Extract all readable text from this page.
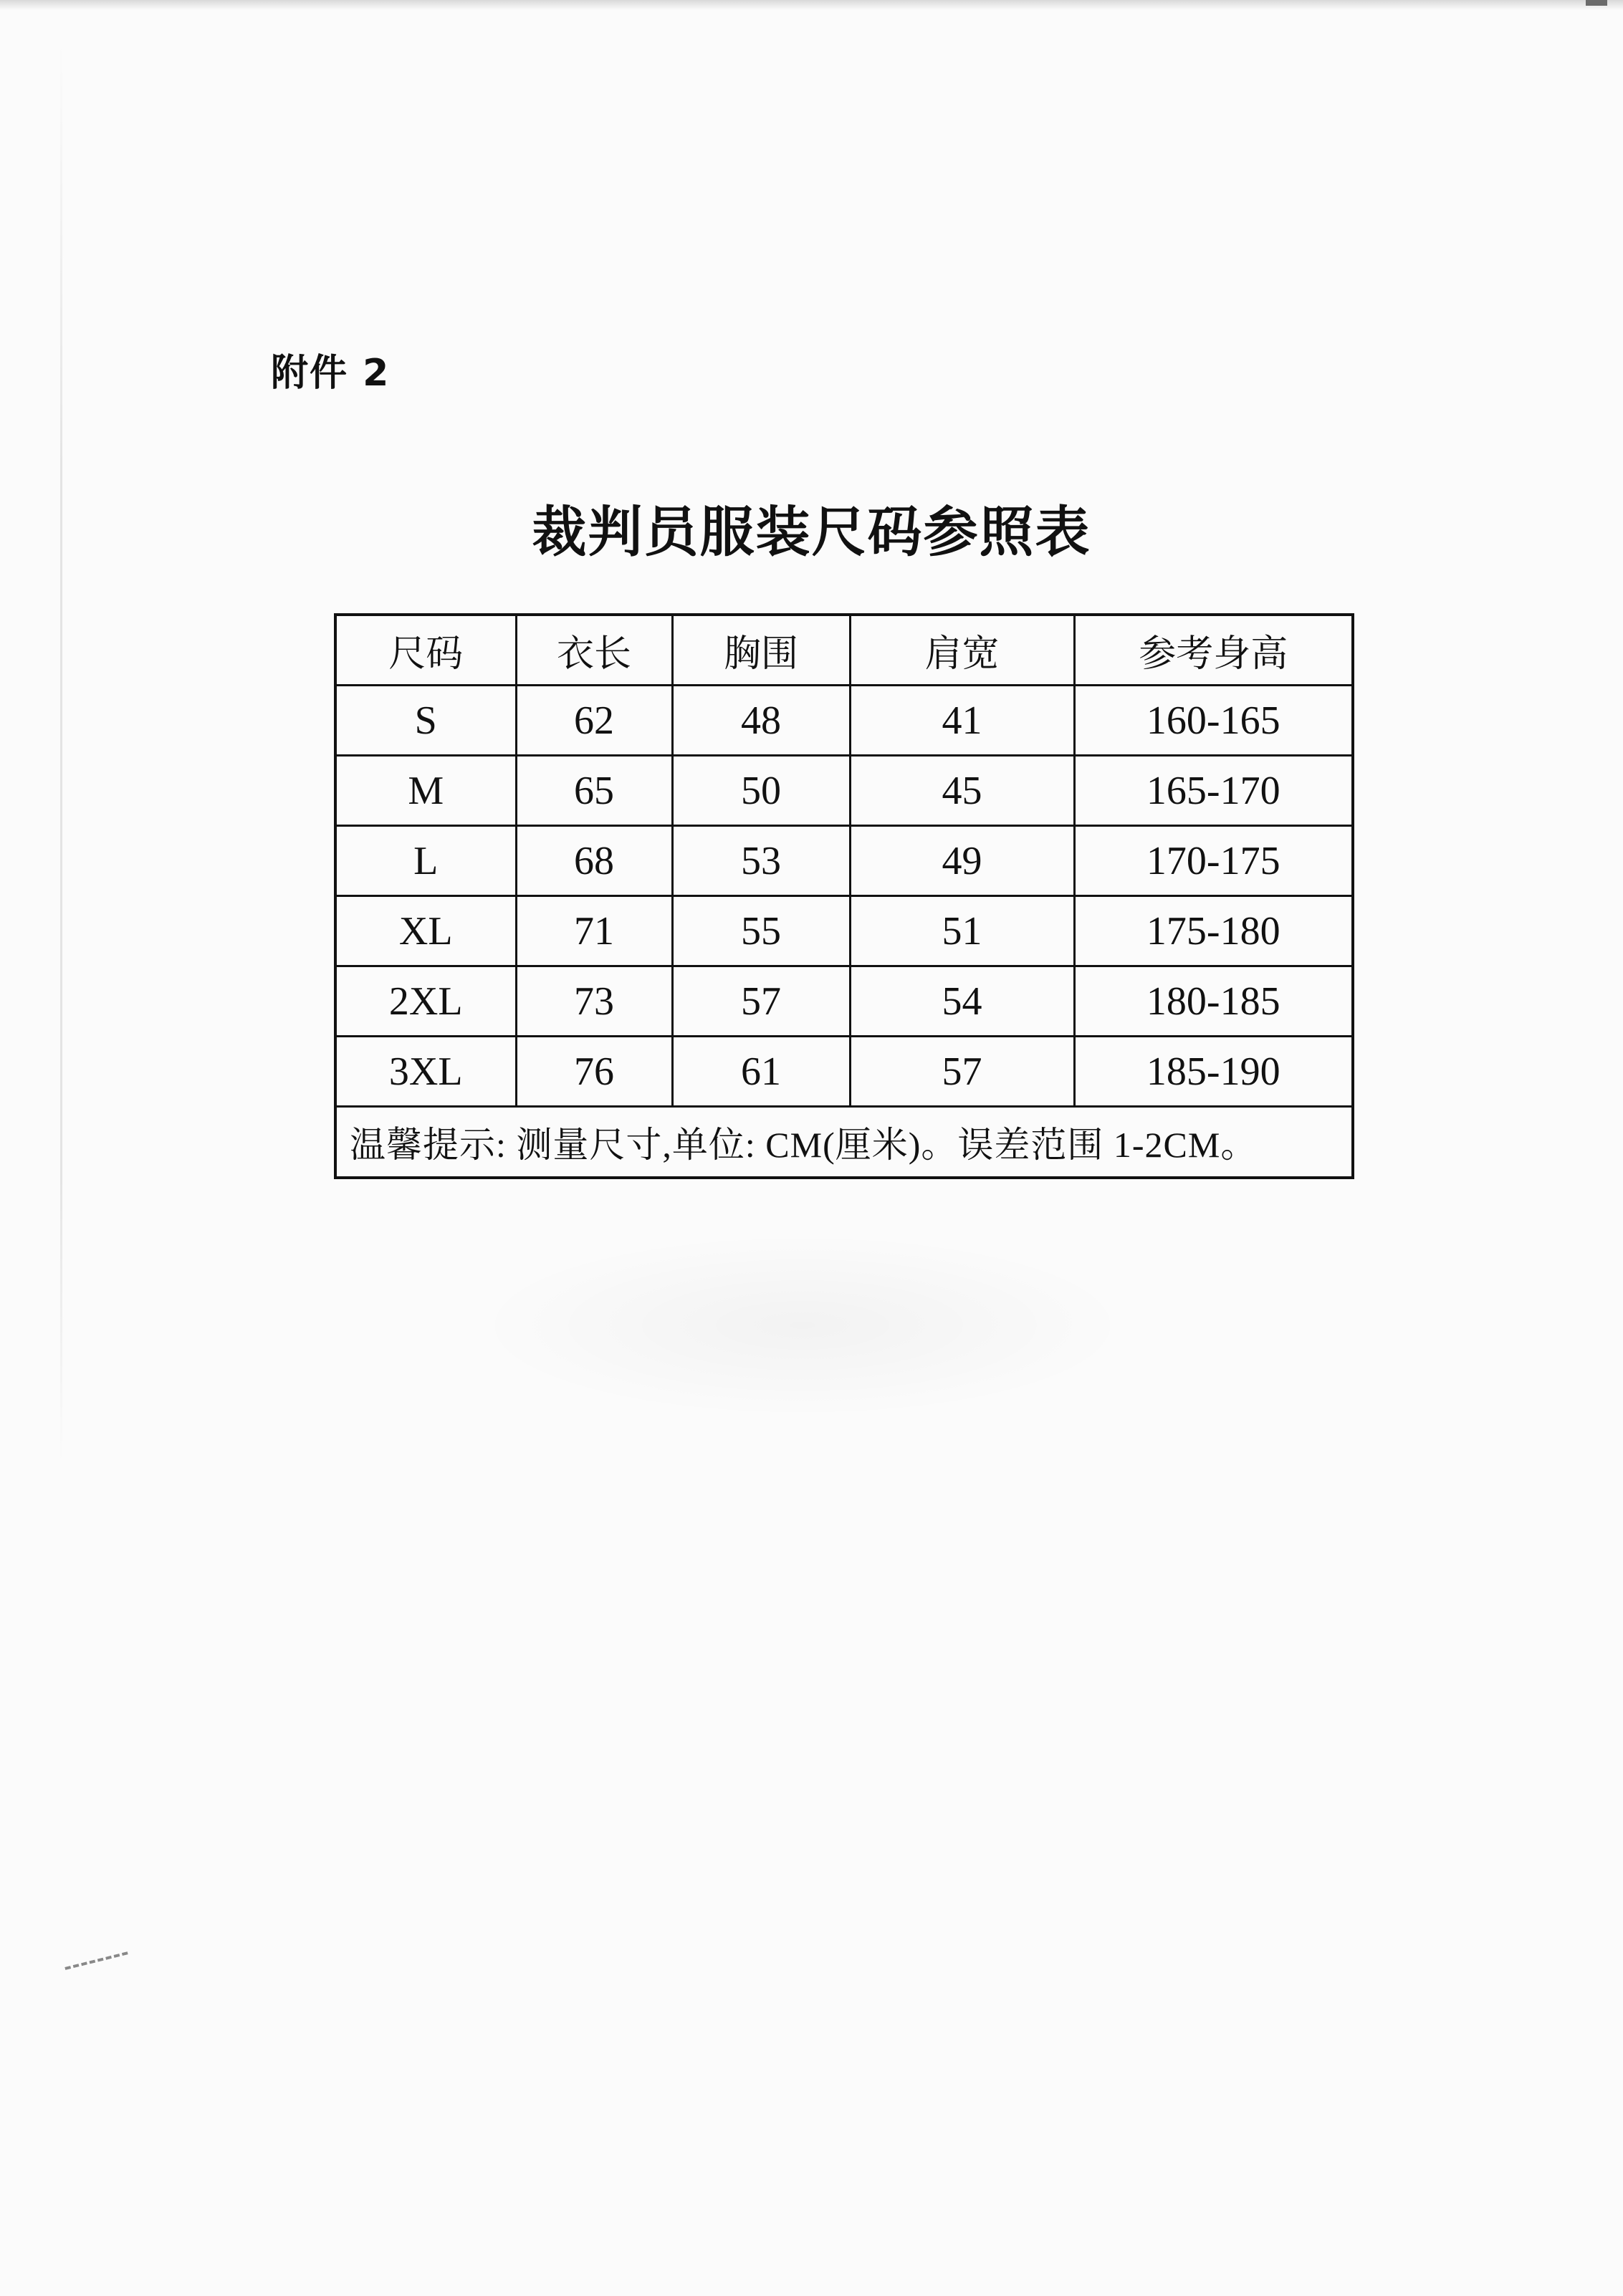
附件 2
裁判员服装尺码参照表
尺码	衣长	胸围	肩宽	参考身高
S	62	48	41	160-165
M	65	50	45	165-170
L	68	53	49	170-175
XL	71	55	51	175-180
2XL	73	57	54	180-185
3XL	76	61	57	185-190
温馨提示: 测量尺寸,单位: CM(厘米)。误差范围 1-2CM。				
